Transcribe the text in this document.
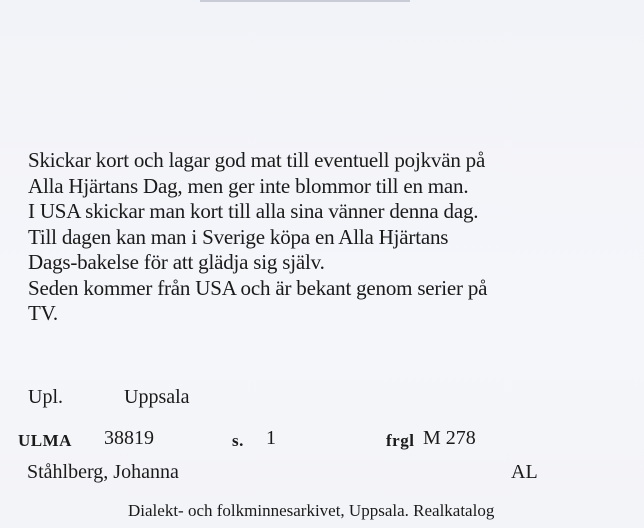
Skickar kort och lagar god mat till eventuell pojkvän på
Alla Hjärtans Dag, men ger inte blommor till en man.
I USA skickar man kort till alla sina vänner denna dag.
Till dagen kan man i Sverige köpa en Alla Hjärtans
Dags-bakelse för att glädja sig själv.
Seden kommer från USA och är bekant genom serier på
TV.
Upl.	Uppsala
ULMA 38819	s. 1	frgl M 278
Ståhlberg, Johanna	AL
Dialekt- och folkminnesarkivet, Uppsala. Realkatalog
